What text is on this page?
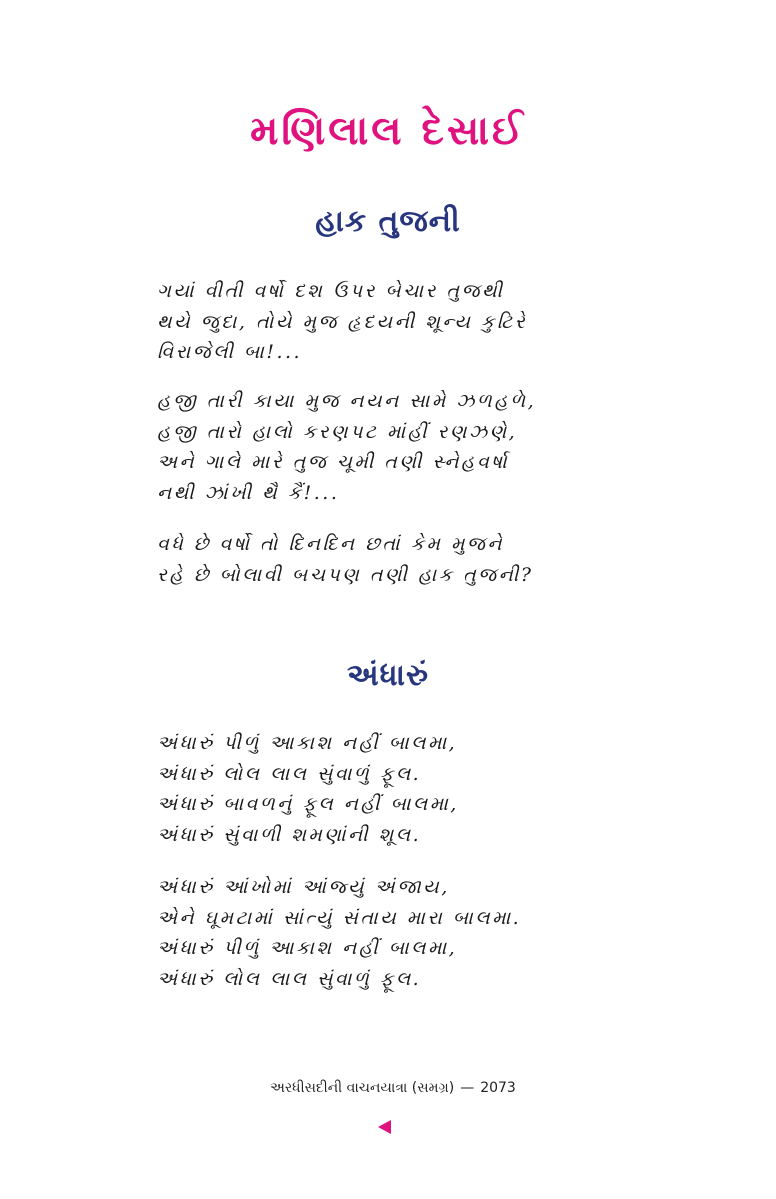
મણિલાલ દેસાઈ
હાક તુજની
ગયાં વીતી વર્ષો દશ ઉપર બેચાર તુજથી
થયે જુદા, તોયે મુજ હૃદયની શૂન્ય કુટિરે
વિરાજેલી બા!...
હજી તારી કાયા મુજ નયન સામે ઝળહળે,
હજી તારો હાલો કરણપટ માંહીં રણઝણે,
અને ગાલે મારે તુજ ચૂમી તણી સ્નેહવર્ષા
નથી ઝાંખી થૈ કૈં!...
વધે છે વર્ષો તો દિનદિન છતાં કેમ મુજને
રહે છે બોલાવી બચપણ તણી હાક તુજની?
અંધારું
અંધારું પીળું આકાશ નહીં બાલમા,
અંધારું લોલ લાલ સુંવાળું ફૂલ.
અંધારું બાવળનું ફૂલ નહીં બાલમા,
અંધારું સુંવાળી શમણાંની શૂલ.
અંધારું આંખોમાં આંજ્યું અંજાય,
એને ઘૂમટામાં સાંત્યું સંતાય મારા બાલમા.
અંધારું પીળું આકાશ નહીં બાલમા,
અંધારું લોલ લાલ સુંવાળું ફૂલ.
અરધીસદીની વાચનયાત્રા (સમગ્ર) — 2073
